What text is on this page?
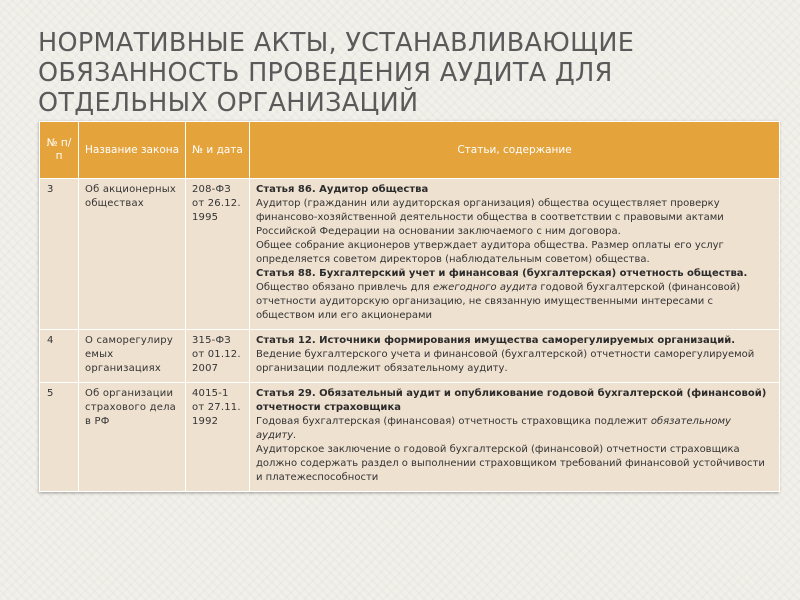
НОРМАТИВНЫЕ АКТЫ, УСТАНАВЛИВАЮЩИЕ
ОБЯЗАННОСТЬ ПРОВЕДЕНИЯ АУДИТА ДЛЯ
ОТДЕЛЬНЫХ ОРГАНИЗАЦИЙ
№ п/п	Название закона	№ и дата	Статьи, содержание
3	Об акционерных обществах	208-ФЗ от 26.12. 1995	Статья 86. Аудитор общества

Аудитор (гражданин или аудиторская организация) общества осуществляет проверку финансово-хозяйственной деятельности общества в соответствии с правовыми актами Российской Федерации на основании заключаемого с ним договора.

Общее собрание акционеров утверждает аудитора общества. Размер оплаты его услуг определяется советом директоров (наблюдательным советом) общества.

Статья 88. Бухгалтерский учет и финансовая (бухгалтерская) отчетность общества.

Общество обязано привлечь для ежегодного аудита годовой бухгалтерской (финансовой) отчетности аудиторскую организацию, не связанную имущественными интересами с обществом или его акционерами

4	О саморегулиру емых организациях	315-ФЗ от 01.12. 2007	Статья 12. Источники формирования имущества саморегулируемых организаций.

Ведение бухгалтерского учета и финансовой (бухгалтерской) отчетности саморегулируемой организации подлежит обязательному аудиту.

5	Об организации страхового дела в РФ	4015-1 от 27.11. 1992	Статья 29. Обязательный аудит и опубликование годовой бухгалтерской (финансовой) отчетности страховщика

Годовая бухгалтерская (финансовая) отчетность страховщика подлежит обязательному аудиту.

Аудиторское заключение о годовой бухгалтерской (финансовой) отчетности страховщика должно содержать раздел о выполнении страховщиком требований финансовой устойчивости и платежеспособности
